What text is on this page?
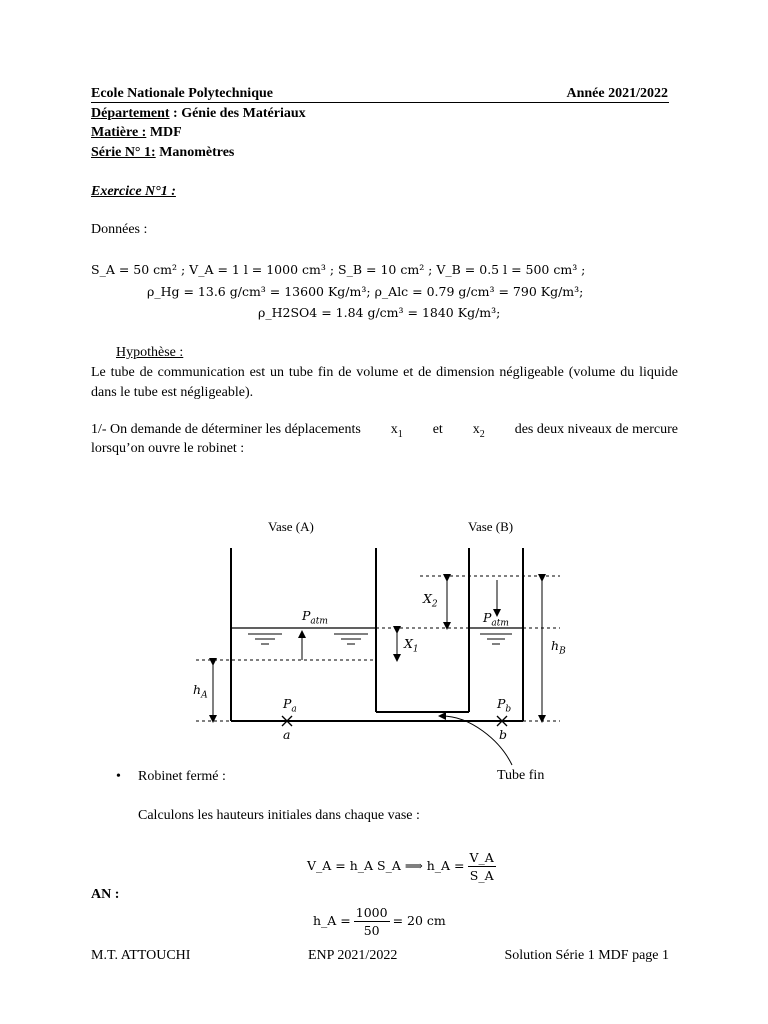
Ecole Nationale Polytechnique	Année 2021/2022
Département : Génie des Matériaux
Matière : MDF
Série N° 1: Manomètres
Exercice N°1 :
Données :
S_A = 50 cm² ; V_A = 1 l = 1000 cm³ ; S_B = 10 cm² ; V_B = 0.5 l = 500 cm³ ;
ρ_Hg = 13.6 g/cm³ = 13600 Kg/m³; ρ_Alc = 0.79 g/cm³ = 790 Kg/m³;
ρ_H2SO4 = 1.84 g/cm³ = 1840 Kg/m³;
Hypothèse :
Le tube de communication est un tube fin de volume et de dimension négligeable (volume du liquide dans le tube est négligeable).
1/- On demande de déterminer les déplacements $x_1$ et $x_2$ des deux niveaux de mercure
lorsqu’on ouvre le robinet :
Vase (A)	Vase (B)
$P_{atm}$	$P_{atm}$
$X_1$
$X_2$
$h_A$
$h_B$
$P_a$	$P_b$
a	b
Tube fin
• Robinet fermé :
Calculons les hauteurs initiales dans chaque vase :
V_A = h_A S_A ⟹ h_A = $\frac{V\_A}{S\_A}$
AN :
h_A = $\frac{1000}{50} = 20$ cm
M.T. ATTOUCHI	ENP 2021/2022	Solution Série 1 MDF page 1
